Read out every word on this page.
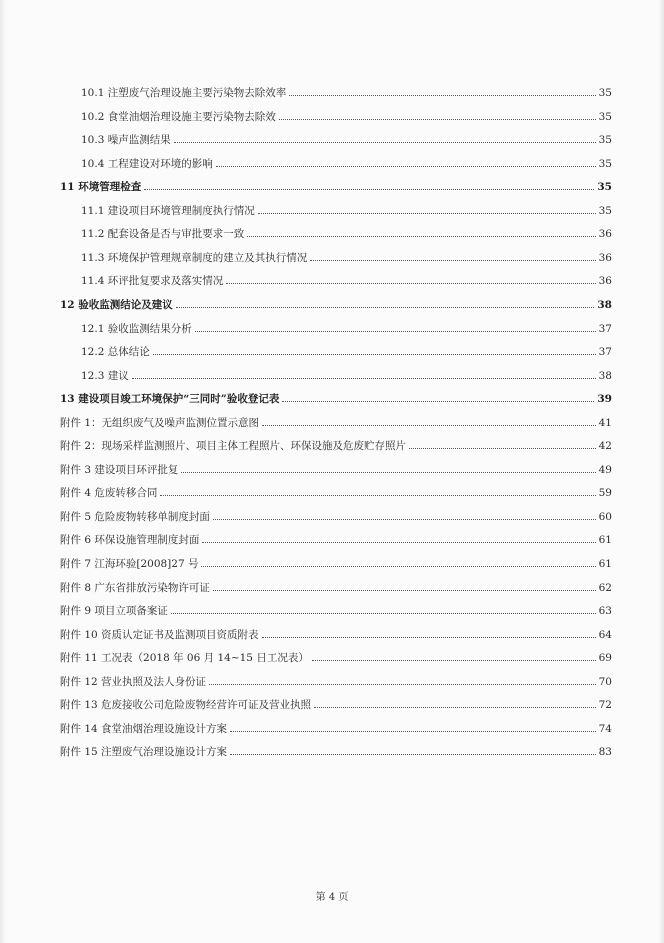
10.1 注塑废气治理设施主要污染物去除效率	35
10.2 食堂油烟治理设施主要污染物去除效	35
10.3 噪声监测结果	35
10.4 工程建设对环境的影响	35
11 环境管理检查	35
11.1 建设项目环境管理制度执行情况	35
11.2 配套设备是否与审批要求一致	36
11.3 环境保护管理规章制度的建立及其执行情况	36
11.4 环评批复要求及落实情况	36
12 验收监测结论及建议	38
12.1 验收监测结果分析	37
12.2 总体结论	37
12.3 建议	38
13 建设项目竣工环境保护“三同时”验收登记表	39
附件 1：无组织废气及噪声监测位置示意图	41
附件 2：现场采样监测照片、项目主体工程照片、环保设施及危废贮存照片	42
附件 3 建设项目环评批复	49
附件 4 危废转移合同	59
附件 5 危险废物转移单制度封面	60
附件 6 环保设施管理制度封面	61
附件 7 江海环验[2008]27 号	61
附件 8 广东省排放污染物许可证	62
附件 9 项目立项备案证	63
附件 10 资质认定证书及监测项目资质附表	64
附件 11 工况表（2018 年 06 月 14~15 日工况表）	69
附件 12 营业执照及法人身份证	70
附件 13 危废接收公司危险废物经营许可证及营业执照	72
附件 14 食堂油烟治理设施设计方案	74
附件 15 注塑废气治理设施设计方案	83
第 4 页
